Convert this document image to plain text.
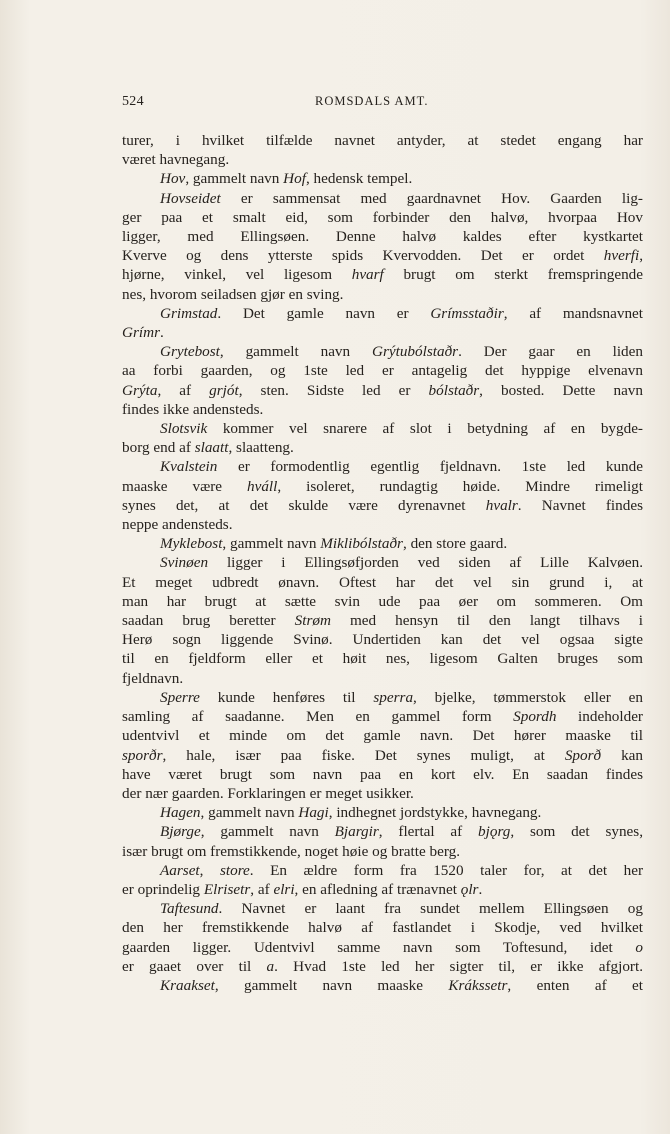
524	ROMSDALS AMT.

turer, i hvilket tilfælde navnet antyder, at stedet engang har

været havnegang.

Hov, gammelt navn Hof, hedensk tempel.

Hovseidet er sammensat med gaardnavnet Hov. Gaarden lig-

ger paa et smalt eid, som forbinder den halvø, hvorpaa Hov

ligger, med Ellingsøen. Denne halvø kaldes efter kystkartet

Kverve og dens ytterste spids Kvervodden. Det er ordet hverfi,

hjørne, vinkel, vel ligesom hvarf brugt om sterkt fremspringende

nes, hvorom seiladsen gjør en sving.

Grimstad. Det gamle navn er Grímsstaðir, af mandsnavnet

Grímr.

Grytebost, gammelt navn Grýtubólstaðr. Der gaar en liden

aa forbi gaarden, og 1ste led er antagelig det hyppige elvenavn

Grýta, af grjót, sten. Sidste led er bólstaðr, bosted. Dette navn

findes ikke andensteds.

Slotsvik kommer vel snarere af slot i betydning af en bygde-

borg end af slaatt, slaatteng.

Kvalstein er formodentlig egentlig fjeldnavn. 1ste led kunde

maaske være hváll, isoleret, rundagtig høide. Mindre rimeligt

synes det, at det skulde være dyrenavnet hvalr. Navnet findes

neppe andensteds.

Myklebost, gammelt navn Miklibólstaðr, den store gaard.

Svinøen ligger i Ellingsøfjorden ved siden af Lille Kalvøen.

Et meget udbredt ønavn. Oftest har det vel sin grund i, at

man har brugt at sætte svin ude paa øer om sommeren. Om

saadan brug beretter Strøm med hensyn til den langt tilhavs i

Herø sogn liggende Svinø. Undertiden kan det vel ogsaa sigte

til en fjeldform eller et høit nes, ligesom Galten bruges som

fjeldnavn.

Sperre kunde henføres til sperra, bjelke, tømmerstok eller en

samling af saadanne. Men en gammel form Spordh indeholder

udentvivl et minde om det gamle navn. Det hører maaske til

sporðr, hale, især paa fiske. Det synes muligt, at Sporð kan

have været brugt som navn paa en kort elv. En saadan findes

der nær gaarden. Forklaringen er meget usikker.

Hagen, gammelt navn Hagi, indhegnet jordstykke, havnegang.

Bjørge, gammelt navn Bjargir, flertal af bjǫrg, som det synes,

især brugt om fremstikkende, noget høie og bratte berg.

Aarset, store. En ældre form fra 1520 taler for, at det her

er oprindelig Elrisetr, af elri, en afledning af trænavnet ǫlr.

Taftesund. Navnet er laant fra sundet mellem Ellingsøen og

den her fremstikkende halvø af fastlandet i Skodje, ved hvilket

gaarden ligger. Udentvivl samme navn som Toftesund, idet o

er gaaet over til a. Hvad 1ste led her sigter til, er ikke afgjort.

Kraakset, gammelt navn maaske Krákssetr, enten af et
